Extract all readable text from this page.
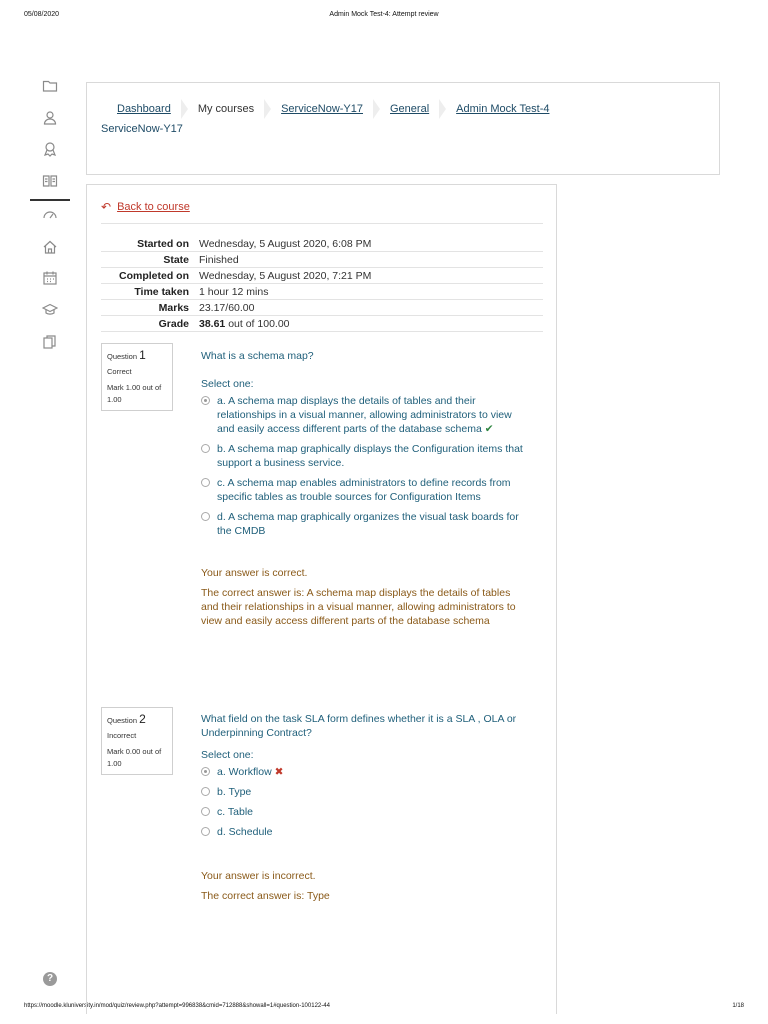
05/08/2020	Admin Mock Test-4: Attempt review
https://moodle.kluniversity.in/mod/quiz/review.php?attempt=996838&cmid=712888&showall=1#question-100122-44	1/18
?
Dashboard My courses ServiceNow-Y17 General Admin Mock Test-4
ServiceNow-Y17
↶ Back to course
Started on Wednesday, 5 August 2020, 6:08 PM
State Finished
Completed on Wednesday, 5 August 2020, 7:21 PM
Time taken 1 hour 12 mins
Marks 23.17/60.00
Grade 38.61 out of 100.00
Question 1
Correct
Mark 1.00 out of 1.00
What is a schema map?
Select one:
a. A schema map displays the details of tables and their relationships in a visual manner, allowing administrators to view and easily access different parts of the database schema ✔
b. A schema map graphically displays the Configuration items that support a business service.
c. A schema map enables administrators to define records from specific tables as trouble sources for Configuration Items
d. A schema map graphically organizes the visual task boards for the CMDB

Your answer is correct.

The correct answer is: A schema map displays the details of tables and their relationships in a visual manner, allowing administrators to view and easily access different parts of the database schema

Question 2
Incorrect
Mark 0.00 out of 1.00
What field on the task SLA form defines whether it is a SLA , OLA or Underpinning Contract?
Select one:
a. Workflow ✖
b. Type
c. Table
d. Schedule

Your answer is incorrect.

The correct answer is: Type
